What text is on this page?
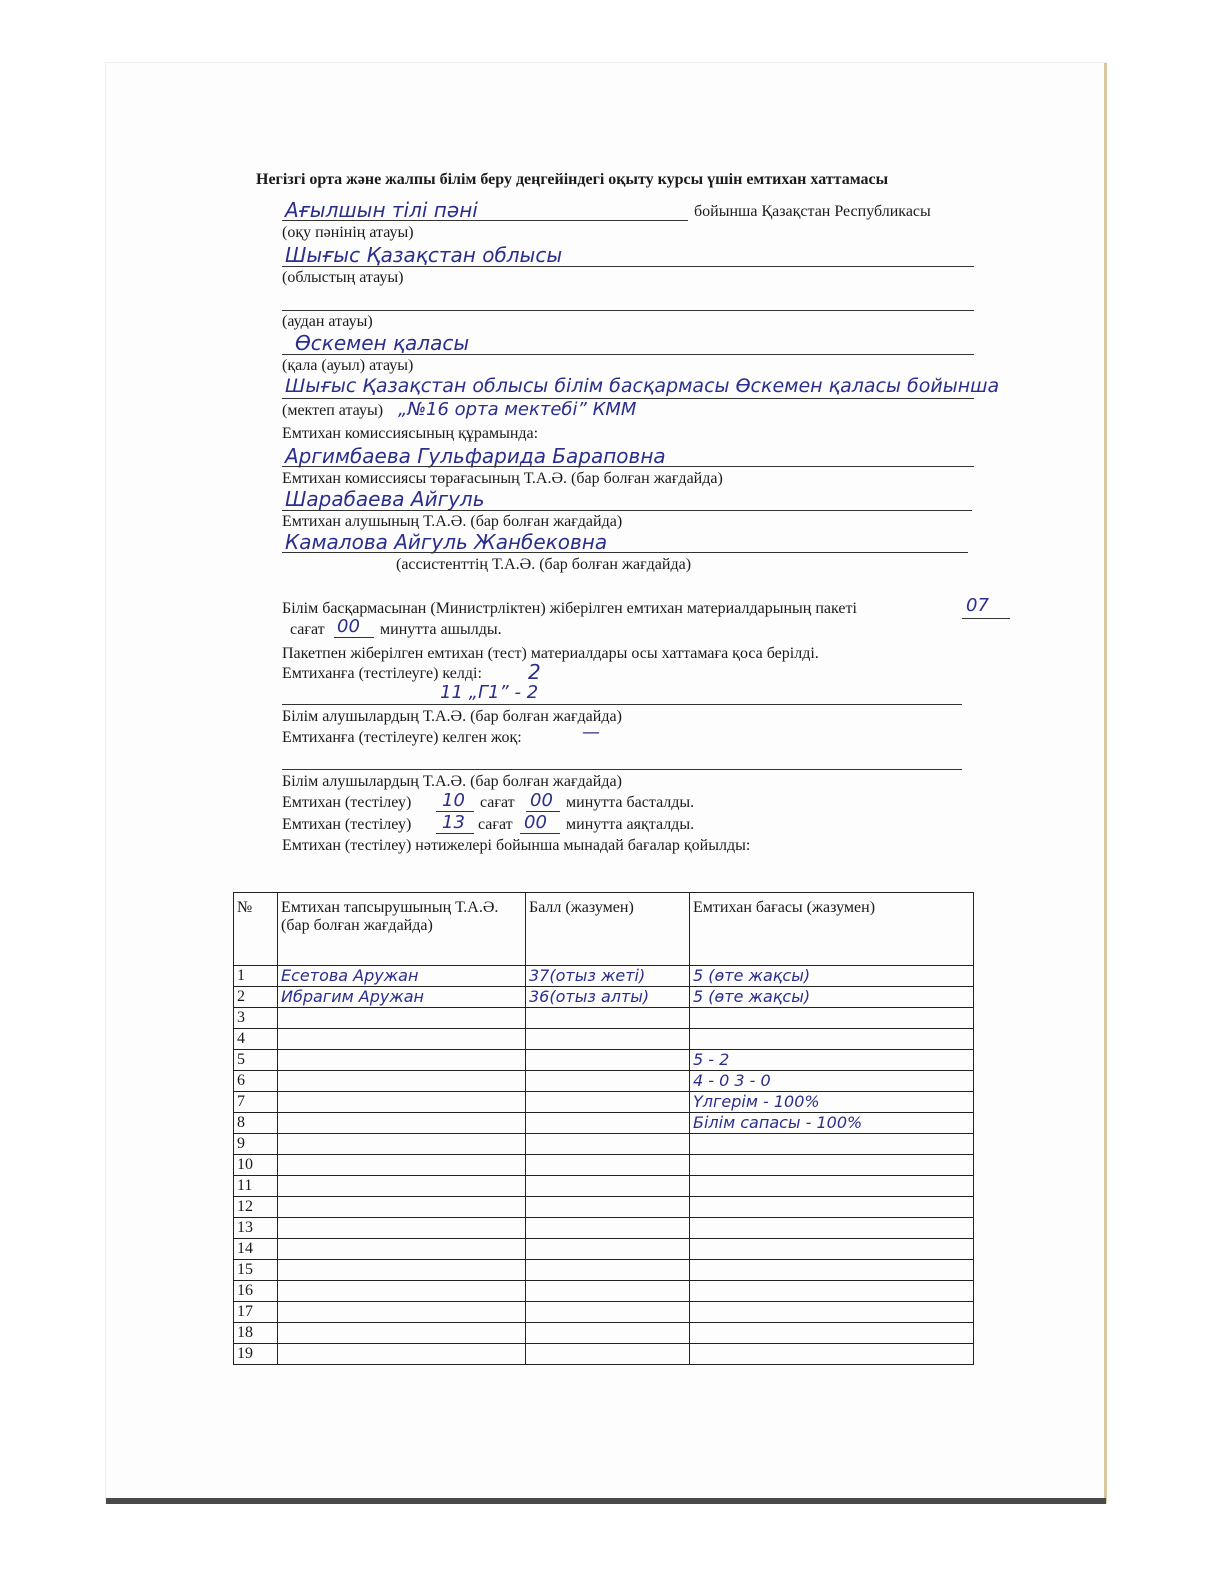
Негізгі орта және жалпы білім беру деңгейіндегі оқыту курсы үшін емтихан хаттамасы
Ағылшын тілі пәні	бойынша Қазақстан Республикасы
(оқу пәнінің атауы)
Шығыс Қазақстан облысы
(облыстың атауы)
(аудан атауы)
Өскемен қаласы
(қала (ауыл) атауы)
Шығыс Қазақстан облысы білім басқармасы Өскемен қаласы бойынша
(мектеп атауы) „№16 орта мектебі” КММ
Емтихан комиссиясының құрамында:
Аргимбаева Гульфарида Бараповна
Емтихан комиссиясы төрағасының Т.А.Ә. (бар болған жағдайда)
Шарабаева Айгуль
Емтихан алушының Т.А.Ә. (бар болған жағдайда)
Камалова Айгуль Жанбековна
(ассистенттің Т.А.Ә. (бар болған жағдайда)
Білім басқармасынан (Министрліктен) жіберілген емтихан материалдарының пакеті	07
сағат 00 минутта ашылды.
Пакетпен жіберілген емтихан (тест) материалдары осы хаттамаға қоса берілді.
Емтиханға (тестілеуге) келді: 2
11 „Г1” - 2
Білім алушылардың Т.А.Ә. (бар болған жағдайда)
Емтиханға (тестілеуге) келген жоқ:	—
Білім алушылардың Т.А.Ә. (бар болған жағдайда)
Емтихан (тестілеу) 10 сағат 00 минутта басталды.
Емтихан (тестілеу) 13 сағат 00 минутта аяқталды.
Емтихан (тестілеу) нәтижелері бойынша мынадай бағалар қойылды:
№	Емтихан тапсырушының Т.А.Ә. (бар болған жағдайда)	Балл (жазумен)	Емтихан бағасы (жазумен)
1	Есетова Аружан	37(отыз жеті)	5 (өте жақсы)
2	Ибрагим Аружан	36(отыз алты)	5 (өте жақсы)
3			
4			
5			5 - 2
6			4 - 0 3 - 0
7			Үлгерім - 100%
8			Білім сапасы - 100%
9			
10			
11			
12			
13			
14			
15			
16			
17			
18			
19			
